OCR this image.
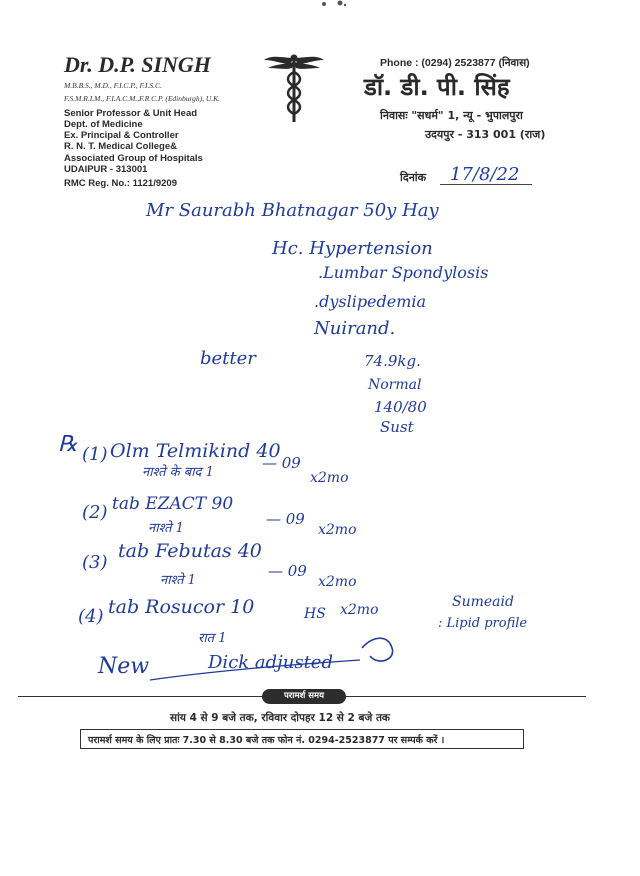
Dr. D.P. SINGH
M.B.B.S., M.D., F.I.C.P., F.I.S.C.
F.S.M.R.I.M., F.I.A.C.M.,F.R.C.P. (Edinburgh), U.K.
Senior Professor & Unit Head
Dept. of Medicine
Ex. Principal & Controller
R. N. T. Medical College&
Associated Group of Hospitals
UDAIPUR - 313001
RMC Reg. No.: 1121/9209
Phone : (0294) 2523877 (निवास)
डॉ. डी. पी. सिंह
निवासः "सधर्म" 1, न्यू - भुपालपुरा
उदयपुर - 313 001 (राज)
दिनांक 17/8/22
Mr Saurabh Bhatnagar 50y Hay
Hc. Hypertension
.Lumbar Spondylosis
.dyslipedemia
Nuirand.
better	74.9kg.
Normal
140/80
Sust
℞ (1) Olm Telmikind 40
नाश्ते के बाद 1
— 09
x2mo
(2) tab EZACT 90
नाश्ते 1
— 09
x2mo
(3)
tab Febutas 40
नाश्ते 1
— 09
x2mo
(4) tab Rosucor 10
रात 1
HS x2mo	Sumeaid
: Lipid profile
New	Dick adjusted
परामर्श समय
सांय 4 से 9 बजे तक, रविवार दोपहर 12 से 2 बजे तक
परामर्श समय के लिए प्रातः 7.30 से 8.30 बजे तक फोन नं. 0294-2523877 पर सम्पर्क करें ।
